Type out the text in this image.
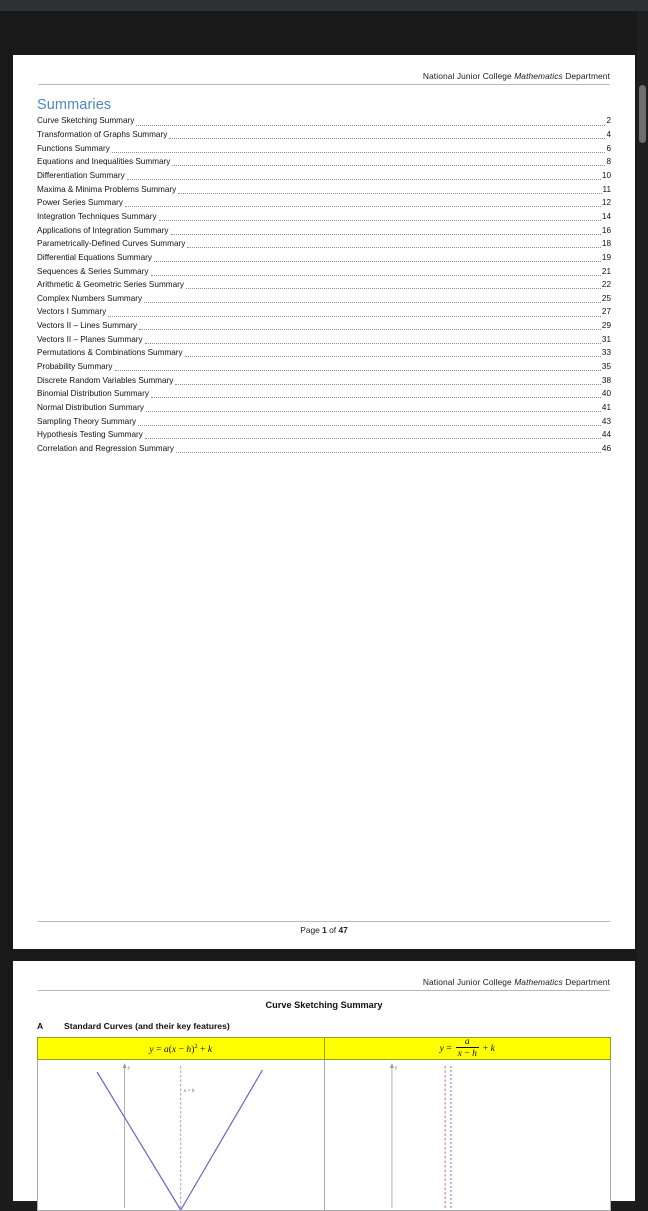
National Junior College Mathematics Department
Summaries
Curve Sketching Summary	2
Transformation of Graphs Summary	4
Functions Summary	6
Equations and Inequalities Summary	8
Differentiation Summary	10
Maxima & Minima Problems Summary	11
Power Series Summary	12
Integration Techniques Summary	14
Applications of Integration Summary	16
Parametrically-Defined Curves Summary	18
Differential Equations Summary	19
Sequences & Series Summary	21
Arithmetic & Geometric Series Summary	22
Complex Numbers Summary	25
Vectors I Summary	27
Vectors II – Lines Summary	29
Vectors II – Planes Summary	31
Permutations & Combinations Summary	33
Probability Summary	35
Discrete Random Variables Summary	38
Binomial Distribution Summary	40
Normal Distribution Summary	41
Sampling Theory Summary	43
Hypothesis Testing Summary	44
Correlation and Regression Summary	46
Page 1 of 47
National Junior College Mathematics Department
Curve Sketching Summary
A	Standard Curves (and their key features)
$y = a(x - h)^2 + k$	$y = \frac{a}{x - h} + k$

y
x = h	y
